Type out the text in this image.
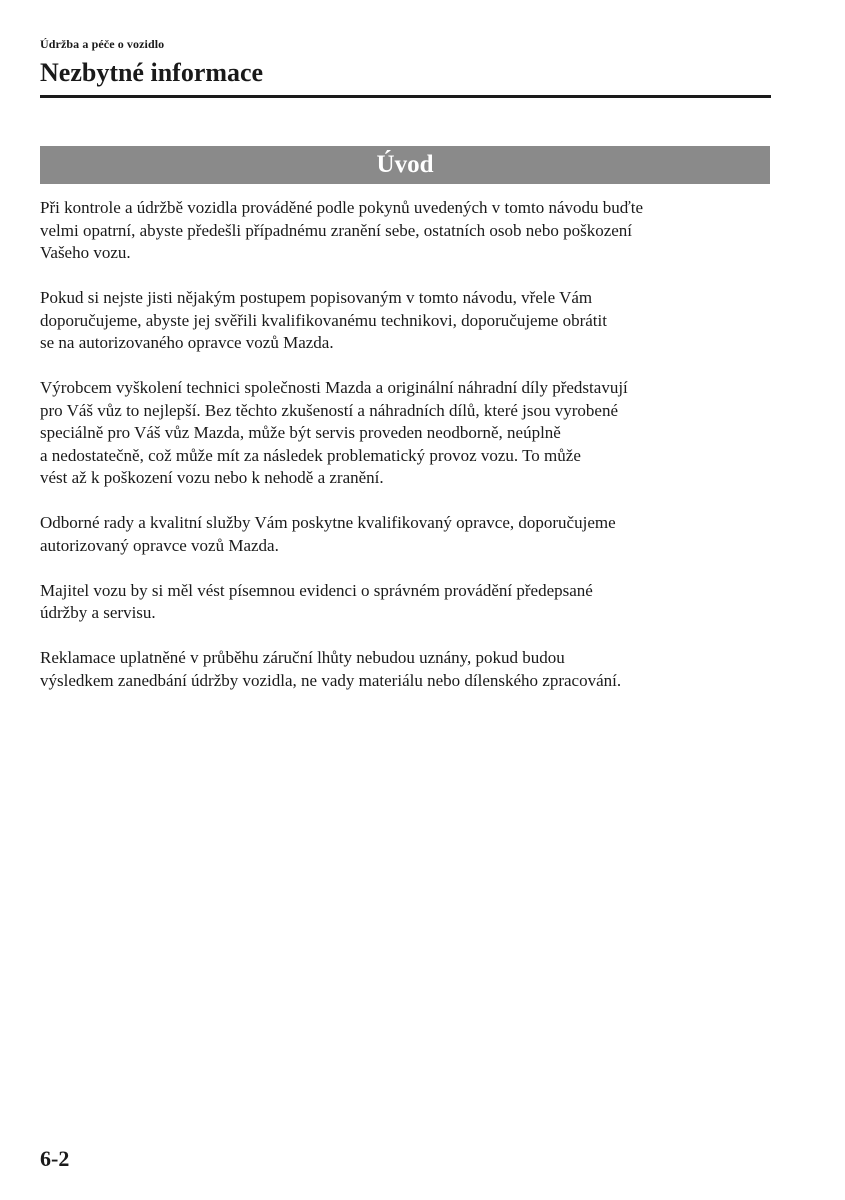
Údržba a péče o vozidlo
Nezbytné informace
Úvod

Při kontrole a údržbě vozidla prováděné podle pokynů uvedených v tomto návodu buďte
velmi opatrní, abyste předešli případnému zranění sebe, ostatních osob nebo poškození
Vašeho vozu.

Pokud si nejste jisti nějakým postupem popisovaným v tomto návodu, vřele Vám
doporučujeme, abyste jej svěřili kvalifikovanému technikovi, doporučujeme obrátit
se na autorizovaného opravce vozů Mazda.

Výrobcem vyškolení technici společnosti Mazda a originální náhradní díly představují
pro Váš vůz to nejlepší. Bez těchto zkušeností a náhradních dílů, které jsou vyrobené
speciálně pro Váš vůz Mazda, může být servis proveden neodborně, neúplně
a nedostatečně, což může mít za následek problematický provoz vozu. To může
vést až k poškození vozu nebo k nehodě a zranění.

Odborné rady a kvalitní služby Vám poskytne kvalifikovaný opravce, doporučujeme
autorizovaný opravce vozů Mazda.

Majitel vozu by si měl vést písemnou evidenci o správném provádění předepsané
údržby a servisu.

Reklamace uplatněné v průběhu záruční lhůty nebudou uznány, pokud budou
výsledkem zanedbání údržby vozidla, ne vady materiálu nebo dílenského zpracování.

6-2
